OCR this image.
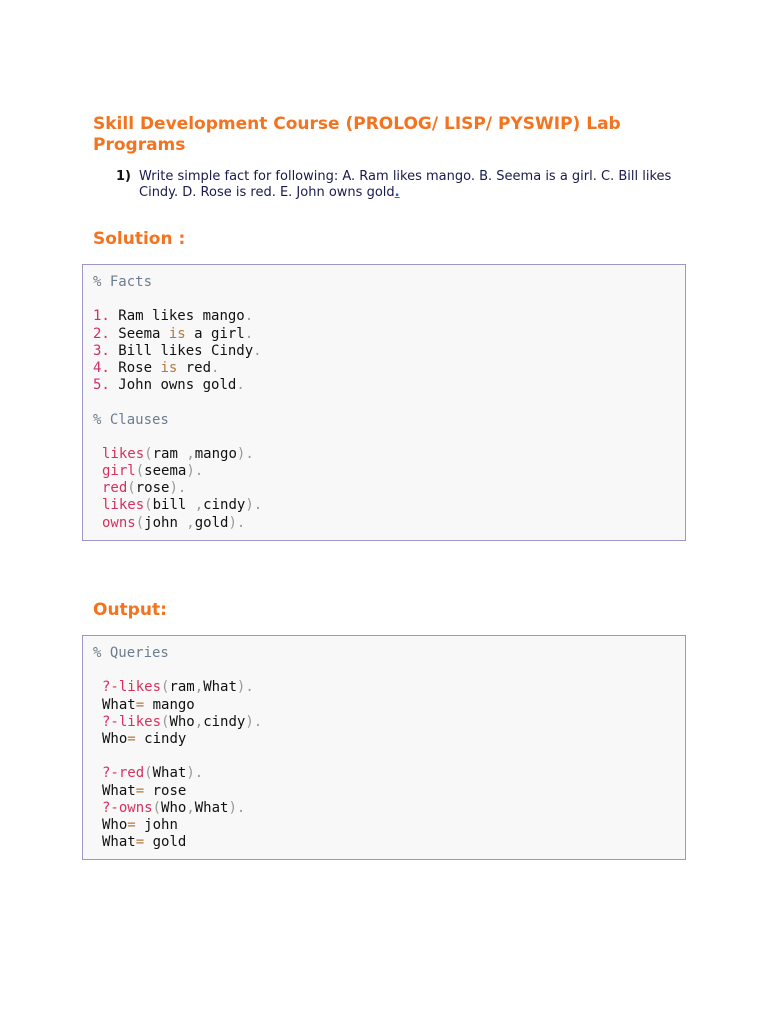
Skill Development Course (PROLOG/ LISP/ PYSWIP) Lab Programs
1) Write simple fact for following: A. Ram likes mango. B. Seema is a girl. C. Bill likes Cindy. D. Rose is red. E. John owns gold.
Solution :
% Facts
1. Ram likes mango.
2. Seema is a girl.
3. Bill likes Cindy.
4. Rose is red.
5. John owns gold.
% Clauses
likes(ram ,mango).
girl(seema).
red(rose).
likes(bill ,cindy).
owns(john ,gold).
Output:
% Queries
?-likes(ram,What).
What= mango
?-likes(Who,cindy).
Who= cindy
?-red(What).
What= rose
?-owns(Who,What).
Who= john
What= gold
